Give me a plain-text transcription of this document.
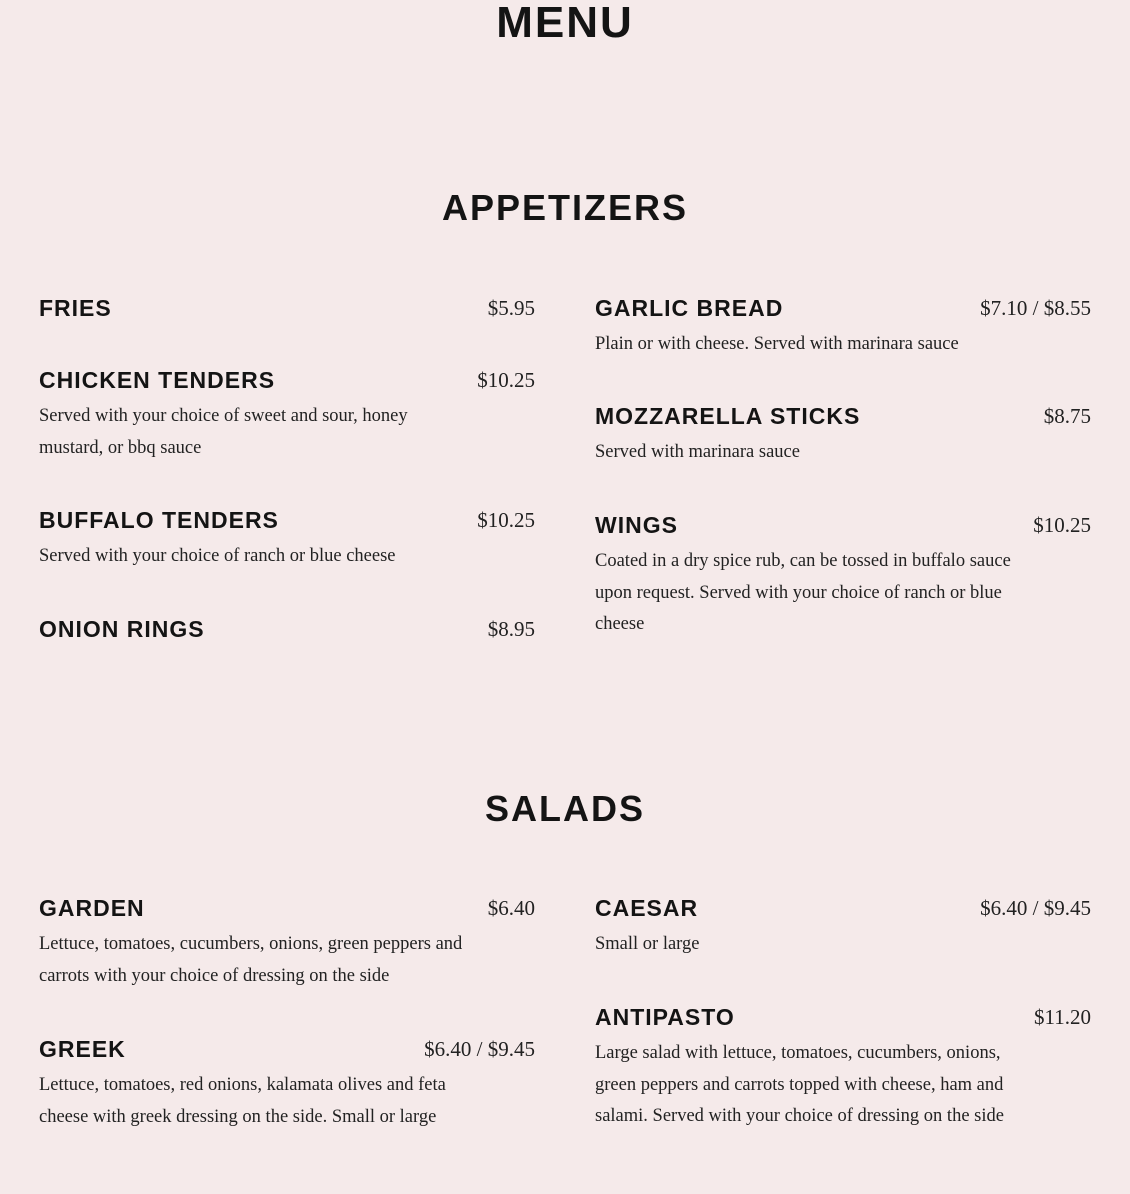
MENU
APPETIZERS
FRIES	$5.95
CHICKEN TENDERS	$10.25
Served with your choice of sweet and sour, honey mustard, or bbq sauce
BUFFALO TENDERS	$10.25
Served with your choice of ranch or blue cheese
ONION RINGS	$8.95
GARLIC BREAD	$7.10 / $8.55
Plain or with cheese. Served with marinara sauce
MOZZARELLA STICKS	$8.75
Served with marinara sauce
WINGS	$10.25
Coated in a dry spice rub, can be tossed in buffalo sauce upon request. Served with your choice of ranch or blue cheese
SALADS
GARDEN	$6.40
Lettuce, tomatoes, cucumbers, onions, green peppers and carrots with your choice of dressing on the side
GREEK	$6.40 / $9.45
Lettuce, tomatoes, red onions, kalamata olives and feta cheese with greek dressing on the side. Small or large
CAESAR	$6.40 / $9.45
Small or large
ANTIPASTO	$11.20
Large salad with lettuce, tomatoes, cucumbers, onions, green peppers and carrots topped with cheese, ham and salami. Served with your choice of dressing on the side
